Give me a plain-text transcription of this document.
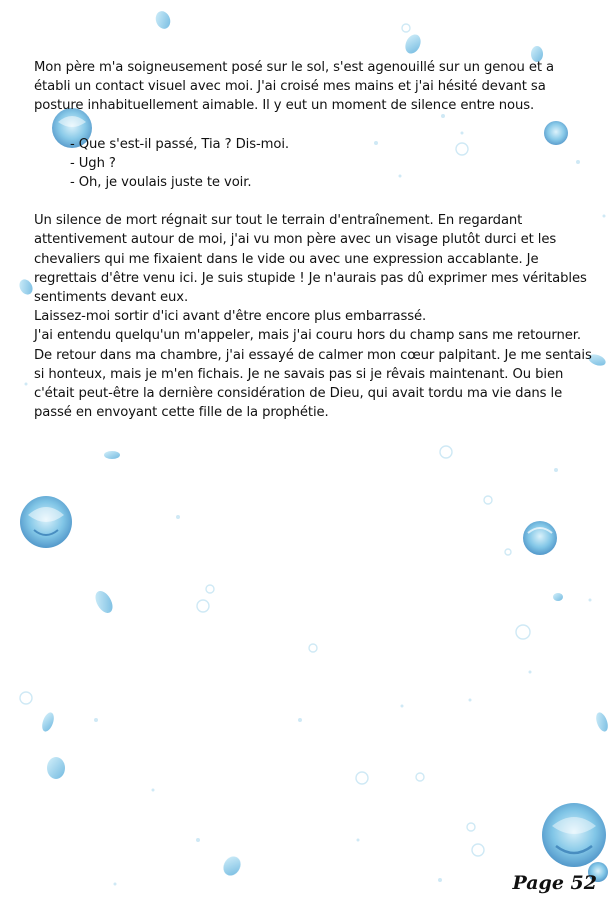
Mon père m'a soigneusement posé sur le sol, s'est agenouillé sur un genou et a établi un contact visuel avec moi. J'ai croisé mes mains et j'ai hésité devant sa posture inhabituellement aimable. Il y eut un moment de silence entre nous.

- Que s'est-il passé, Tia ? Dis-moi.
- Ugh ?
- Oh, je voulais juste te voir.

Un silence de mort régnait sur tout le terrain d'entraînement. En regardant attentivement autour de moi, j'ai vu mon père avec un visage plutôt durci et les chevaliers qui me fixaient dans le vide ou avec une expression accablante. Je regrettais d'être venu ici. Je suis stupide ! Je n'aurais pas dû exprimer mes véritables sentiments devant eux.

Laissez-moi sortir d'ici avant d'être encore plus embarrassé.

J'ai entendu quelqu'un m'appeler, mais j'ai couru hors du champ sans me retourner.

De retour dans ma chambre, j'ai essayé de calmer mon cœur palpitant. Je me sentais si honteux, mais je m'en fichais. Je ne savais pas si je rêvais maintenant. Ou bien c'était peut-être la dernière considération de Dieu, qui avait tordu ma vie dans le passé en envoyant cette fille de la prophétie.

Page 52
